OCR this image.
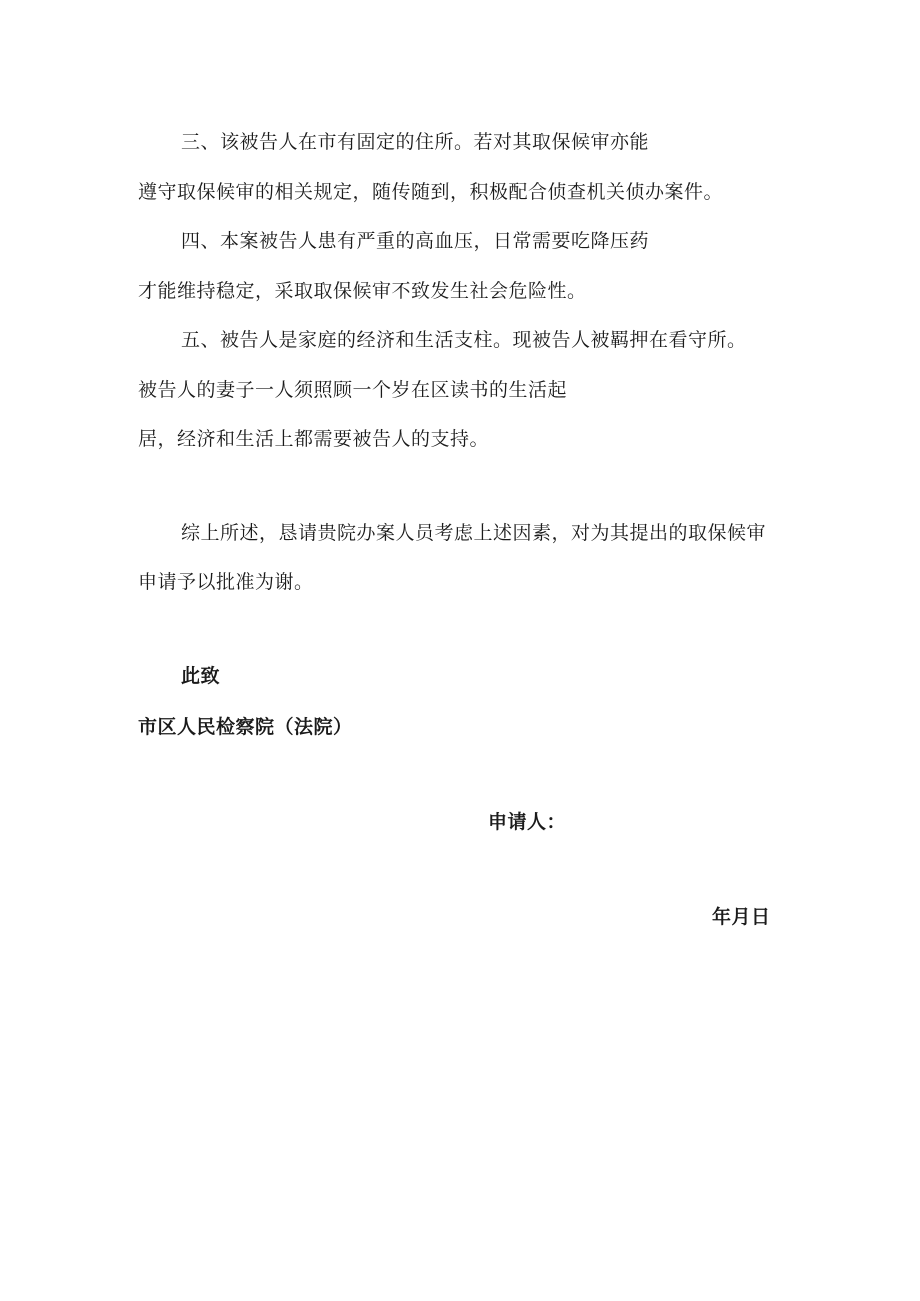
三、该被告人在市有固定的住所。若对其取保候审亦能
遵守取保候审的相关规定，随传随到，积极配合侦查机关侦办案件。
四、本案被告人患有严重的高血压，日常需要吃降压药
才能维持稳定，采取取保候审不致发生社会危险性。
五、被告人是家庭的经济和生活支柱。现被告人被羁押在看守所。
被告人的妻子一人须照顾一个岁在区读书的生活起
居，经济和生活上都需要被告人的支持。
综上所述，恳请贵院办案人员考虑上述因素，对为其提出的取保候审
申请予以批准为谢。
此致
市区人民检察院（法院）
申请人：
年月日
